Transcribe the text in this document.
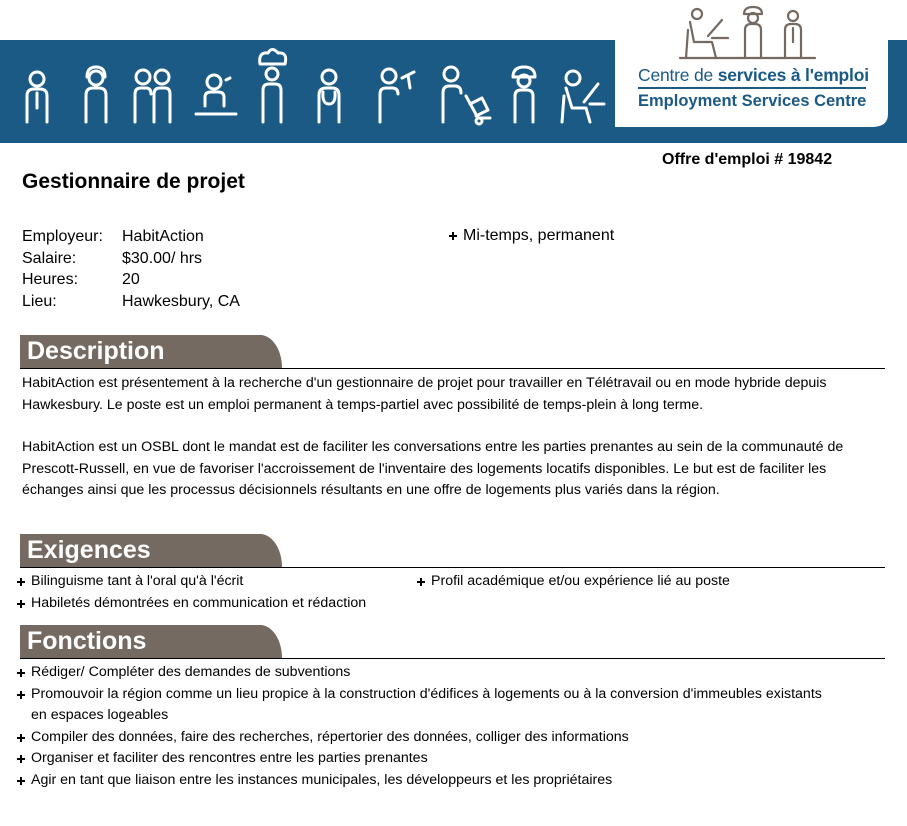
Centre de services à l'emploi
Employment Services Centre
Offre d'emploi # 19842
Gestionnaire de projet
Employeur:	HabitAction
Salaire:	$30.00/ hrs
Heures:	20
Lieu:	Hawkesbury, CA
Mi-temps, permanent
Description
HabitAction est présentement à la recherche d'un gestionnaire de projet pour travailler en Télétravail ou en mode hybride depuis Hawkesbury. Le poste est un emploi permanent à temps-partiel avec possibilité de temps-plein à long terme.
HabitAction est un OSBL dont le mandat est de faciliter les conversations entre les parties prenantes au sein de la communauté de Prescott-Russell, en vue de favoriser l'accroissement de l'inventaire des logements locatifs disponibles. Le but est de faciliter les échanges ainsi que les processus décisionnels résultants en une offre de logements plus variés dans la région.
Exigences
Bilinguisme tant à l'oral qu'à l'écrit
Habiletés démontrées en communication et rédaction
Profil académique et/ou expérience lié au poste
Fonctions
Rédiger/ Compléter des demandes de subventions
Promouvoir la région comme un lieu propice à la construction d'édifices à logements ou à la conversion d'immeubles existants en espaces logeables
Compiler des données, faire des recherches, répertorier des données, colliger des informations
Organiser et faciliter des rencontres entre les parties prenantes
Agir en tant que liaison entre les instances municipales, les développeurs et les propriétaires
